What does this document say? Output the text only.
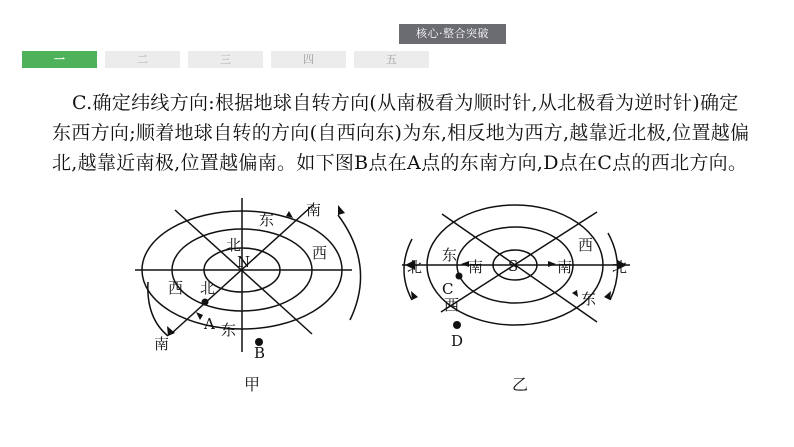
核心·整合突破
一	二	三	四	五
C.确定纬线方向:根据地球自转方向(从南极看为顺时针,从北极看为逆时针)确定东西方向;顺着地球自转的方向(自西向东)为东,相反地为西方,越靠近北极,位置越偏北,越靠近南极,位置越偏南。如下图B点在A点的东南方向,D点在C点的西北方向。
N
东
南
北	西
西 北
A 东
南	B
甲
S
北
东
南
C
西
D
南
西
东
北
乙
